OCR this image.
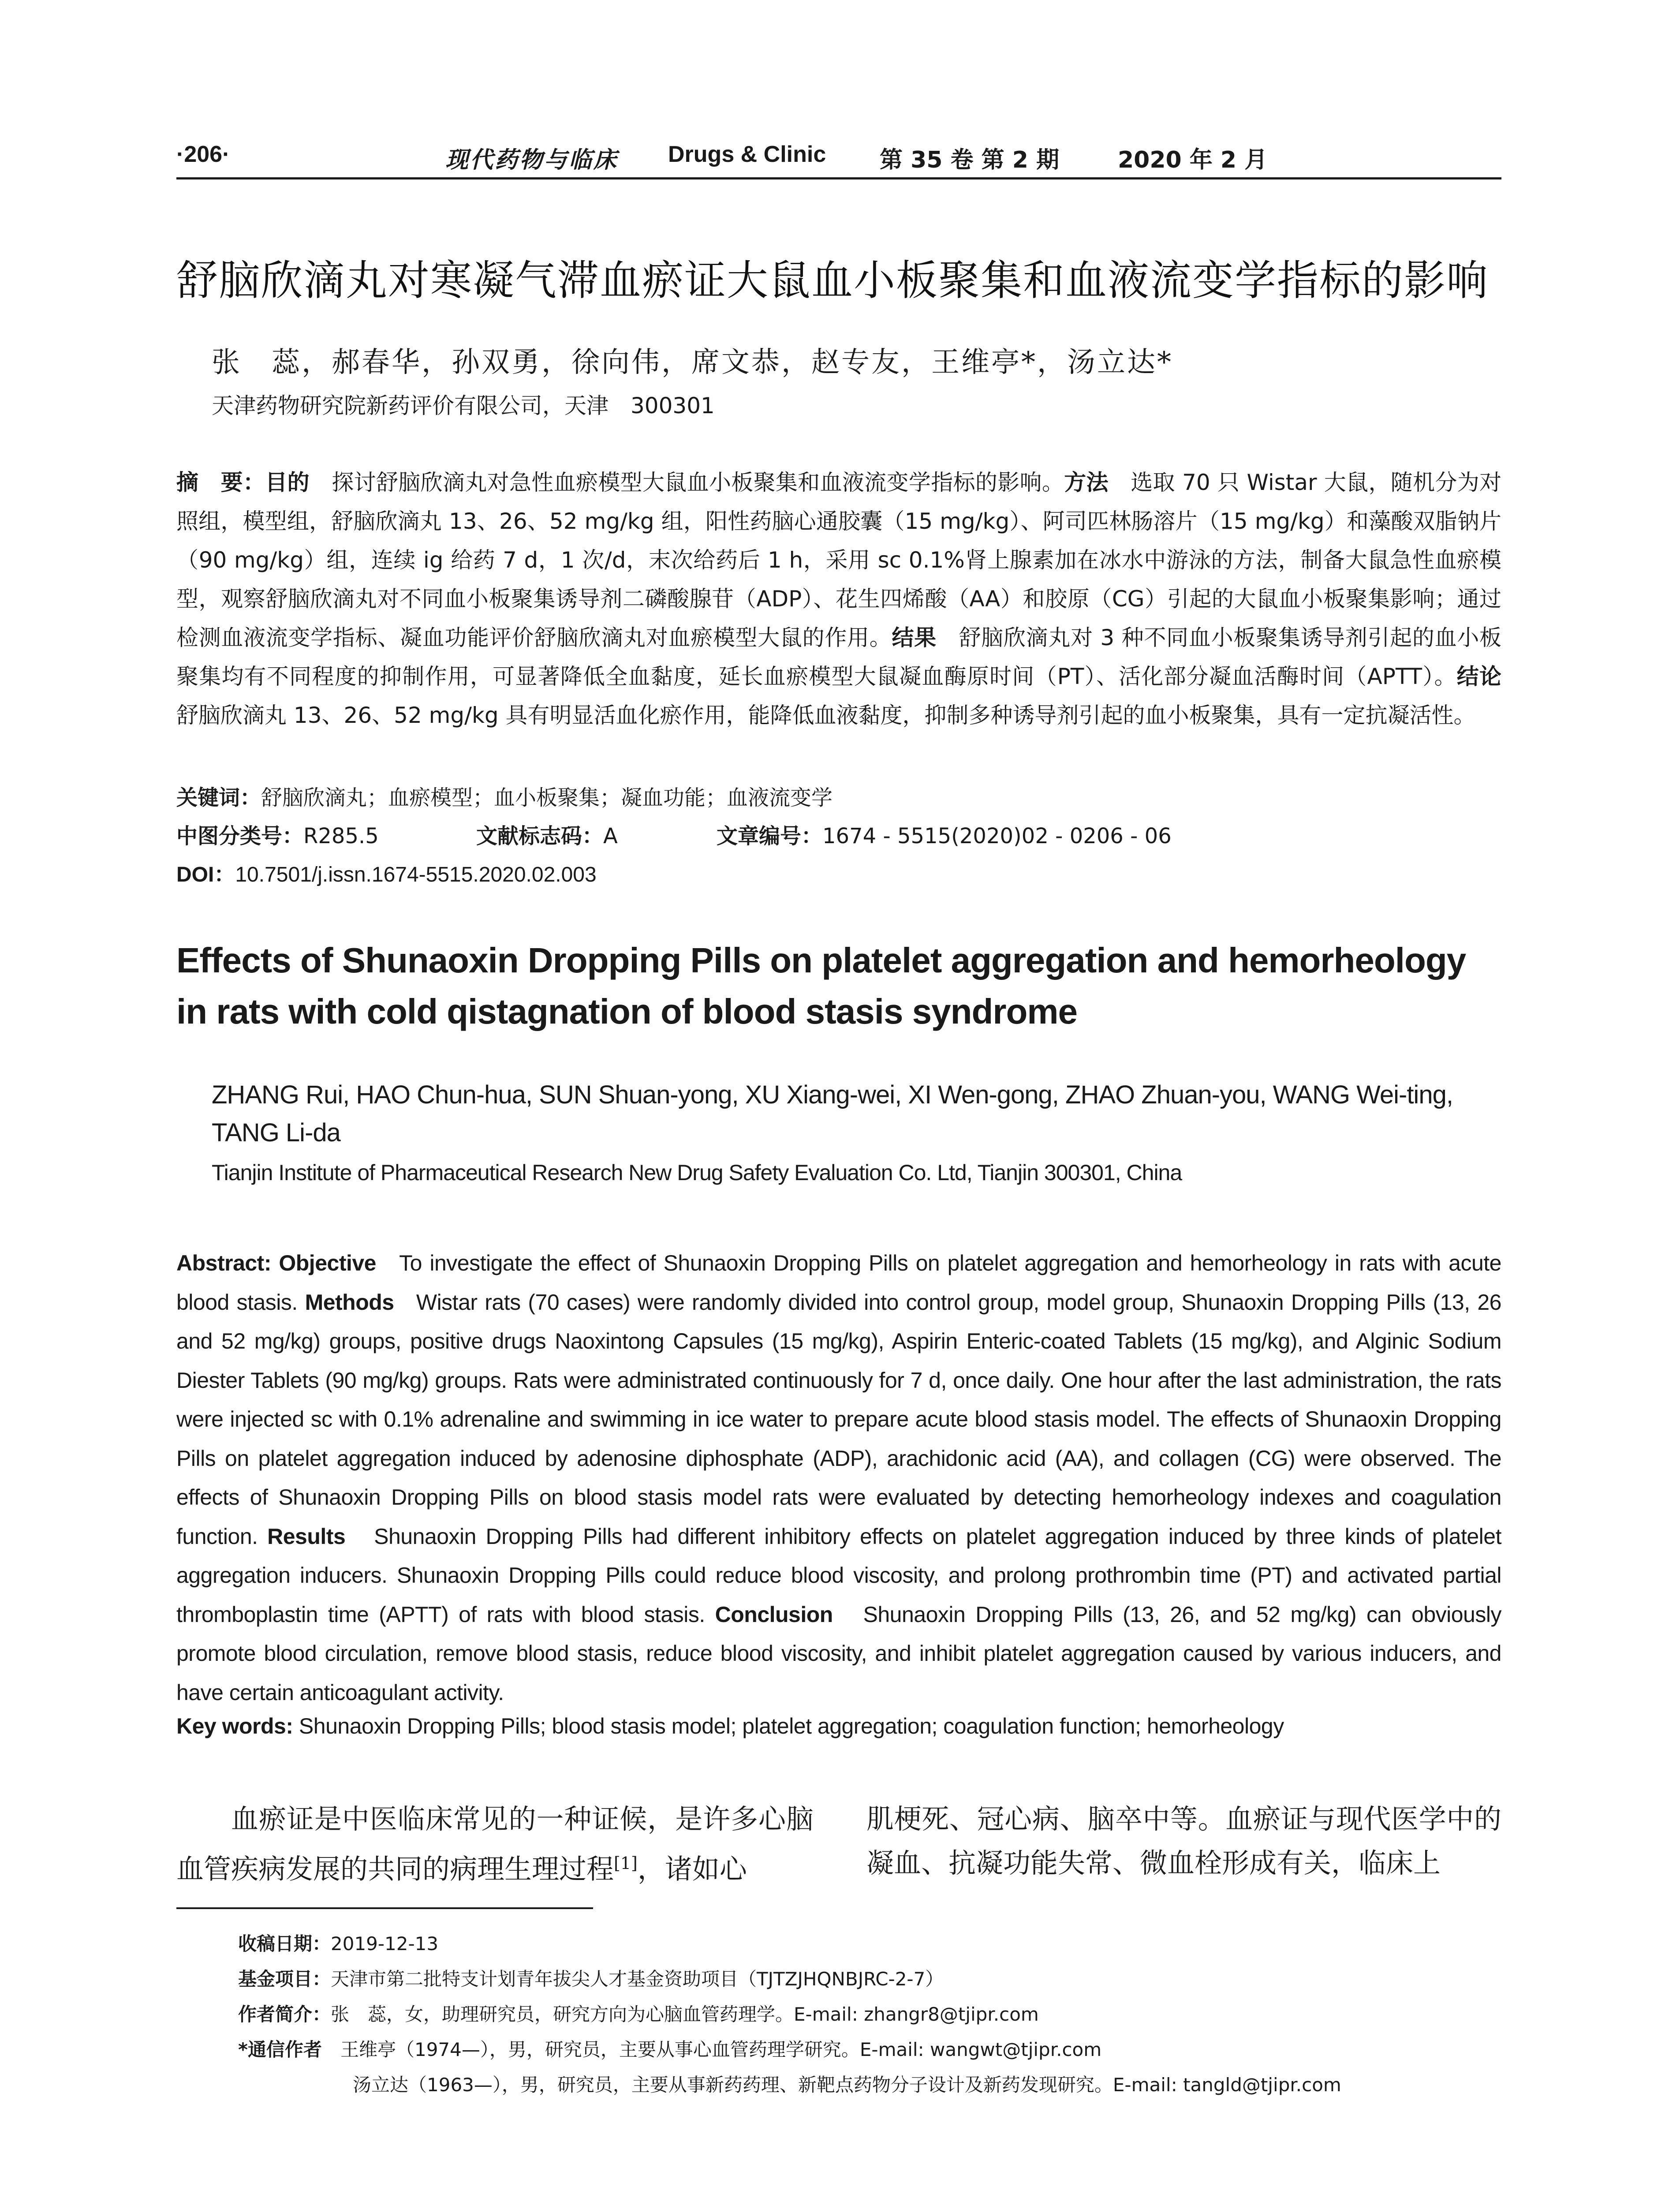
·206·	现代药物与临床 Drugs & Clinic 第 35 卷 第 2 期	2020 年 2 月
舒脑欣滴丸对寒凝气滞血瘀证大鼠血小板聚集和血液流变学指标的影响
张　蕊，郝春华，孙双勇，徐向伟，席文恭，赵专友，王维亭*，汤立达*
天津药物研究院新药评价有限公司，天津　300301
摘　要：目的　 探讨舒脑欣滴丸对急性血瘀模型大鼠血小板聚集和血液流变学指标的影响。方法　 选取 70 只 Wistar 大鼠，随机分为对照组，模型组，舒脑欣滴丸 13、26、52 mg/kg 组，阳性药脑心通胶囊（15 mg/kg）、阿司匹林肠溶片（15 mg/kg）和藻酸双脂钠片（90 mg/kg）组，连续 ig 给药 7 d，1 次/d，末次给药后 1 h，采用 sc 0.1%肾上腺素加在冰水中游泳的方法，制备大鼠急性血瘀模型，观察舒脑欣滴丸对不同血小板聚集诱导剂二磷酸腺苷（ADP）、花生四烯酸（AA）和胶原（CG）引起的大鼠血小板聚集影响；通过检测血液流变学指标、凝血功能评价舒脑欣滴丸对血瘀模型大鼠的作用。结果　 舒脑欣滴丸对 3 种不同血小板聚集诱导剂引起的血小板聚集均有不同程度的抑制作用，可显著降低全血黏度，延长血瘀模型大鼠凝血酶原时间（PT）、活化部分凝血活酶时间（APTT）。结论　舒脑欣滴丸 13、26、52 mg/kg 具有明显活血化瘀作用，能降低血液黏度，抑制多种诱导剂引起的血小板聚集，具有一定抗凝活性。
关键词：舒脑欣滴丸；血瘀模型；血小板聚集；凝血功能；血液流变学
中图分类号：R285.5	文献标志码：A	文章编号：1674 - 5515(2020)02 - 0206 - 06
DOI：10.7501/j.issn.1674-5515.2020.02.003
Effects of Shunaoxin Dropping Pills on platelet aggregation and hemorheology in rats with cold qistagnation of blood stasis syndrome
ZHANG Rui, HAO Chun-hua, SUN Shuan-yong, XU Xiang-wei, XI Wen-gong, ZHAO Zhuan-you, WANG Wei-ting, TANG Li-da
Tianjin Institute of Pharmaceutical Research New Drug Safety Evaluation Co. Ltd, Tianjin 300301, China
Abstract: Objective To investigate the effect of Shunaoxin Dropping Pills on platelet aggregation and hemorheology in rats with acute blood stasis. Methods Wistar rats (70 cases) were randomly divided into control group, model group, Shunaoxin Dropping Pills (13, 26 and 52 mg/kg) groups, positive drugs Naoxintong Capsules (15 mg/kg), Aspirin Enteric-coated Tablets (15 mg/kg), and Alginic Sodium Diester Tablets (90 mg/kg) groups. Rats were administrated continuously for 7 d, once daily. One hour after the last administration, the rats were injected sc with 0.1% adrenaline and swimming in ice water to prepare acute blood stasis model. The effects of Shunaoxin Dropping Pills on platelet aggregation induced by adenosine diphosphate (ADP), arachidonic acid (AA), and collagen (CG) were observed. The effects of Shunaoxin Dropping Pills on blood stasis model rats were evaluated by detecting hemorheology indexes and coagulation function. Results Shunaoxin Dropping Pills had different inhibitory effects on platelet aggregation induced by three kinds of platelet aggregation inducers. Shunaoxin Dropping Pills could reduce blood viscosity, and prolong prothrombin time (PT) and activated partial thromboplastin time (APTT) of rats with blood stasis. Conclusion Shunaoxin Dropping Pills (13, 26, and 52 mg/kg) can obviously promote blood circulation, remove blood stasis, reduce blood viscosity, and inhibit platelet aggregation caused by various inducers, and have certain anticoagulant activity.
Key words: Shunaoxin Dropping Pills; blood stasis model; platelet aggregation; coagulation function; hemorheology
血瘀证是中医临床常见的一种证候，是许多心脑血管疾病发展的共同的病理生理过程[1]，诸如心
肌梗死、冠心病、脑卒中等。血瘀证与现代医学中的凝血、抗凝功能失常、微血栓形成有关，临床上
收稿日期：2019-12-13
基金项目：天津市第二批特支计划青年拔尖人才基金资助项目（TJTZJHQNBJRC-2-7）
作者简介：张　蕊，女，助理研究员，研究方向为心脑血管药理学。E-mail: zhangr8@tjipr.com
*通信作者　 王维亭（1974—），男，研究员，主要从事心血管药理学研究。E-mail: wangwt@tjipr.com
汤立达（1963—），男，研究员，主要从事新药药理、新靶点药物分子设计及新药发现研究。E-mail: tangld@tjipr.com
